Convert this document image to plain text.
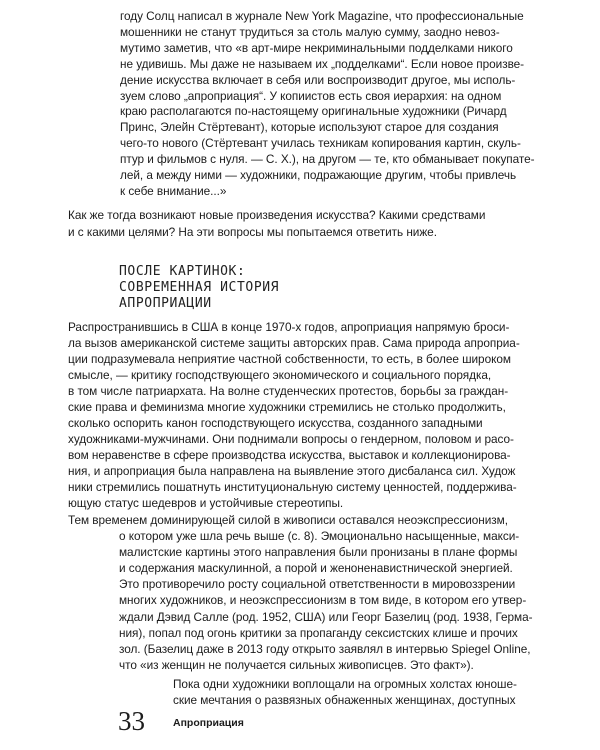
году Солц написал в журнале New York Magazine, что профессиональные
мошенники не станут трудиться за столь малую сумму, заодно невоз-
мутимо заметив, что «в арт-мире некриминальными подделками никого
не удивишь. Мы даже не называем их „подделками“. Если новое произве-
дение искусства включает в себя или воспроизводит другое, мы исполь-
зуем слово „апроприация“. У копиистов есть своя иерархия: на одном
краю располагаются по-настоящему оригинальные художники (Ричард
Принс, Элейн Стёртевант), которые используют старое для создания
чего-то нового (Стёртевант училась техникам копирования картин, скуль-
птур и фильмов с нуля. — С. Х.), на другом — те, кто обманывает покупате-
лей, а между ними — художники, подражающие другим, чтобы привлечь
к себе внимание...»
Как же тогда возникают новые произведения искусства? Какими средствами
и с какими целями? На эти вопросы мы попытаемся ответить ниже.
ПОСЛЕ КАРТИНОК:
СОВРЕМЕННАЯ ИСТОРИЯ
АПРОПРИАЦИИ
Распространившись в США в конце 1970-х годов, апроприация напрямую броси-
ла вызов американской системе защиты авторских прав. Сама природа апроприа-
ции подразумевала неприятие частной собственности, то есть, в более широком
смысле, — критику господствующего экономического и социального порядка,
в том числе патриархата. На волне студенческих протестов, борьбы за граждан-
ские права и феминизма многие художники стремились не столько продолжить,
сколько оспорить канон господствующего искусства, созданного западными
художниками-мужчинами. Они поднимали вопросы о гендерном, половом и расо-
вом неравенстве в сфере производства искусства, выставок и коллекционирова-
ния, и апроприация была направлена на выявление этого дисбаланса сил. Худож
ники стремились пошатнуть институциональную систему ценностей, поддержива-
ющую статус шедевров и устойчивые стереотипы.
Тем временем доминирующей силой в живописи оставался неоэкспрессионизм,
о котором уже шла речь выше (с. 8). Эмоционально насыщенные, макси-
малистские картины этого направления были пронизаны в плане формы
и содержания маскулинной, а порой и женоненавистнической энергией.
Это противоречило росту социальной ответственности в мировоззрении
многих художников, и неоэкспрессионизм в том виде, в котором его утвер-
ждали Дэвид Салле (род. 1952, США) или Георг Базелиц (род. 1938, Герма-
ния), попал под огонь критики за пропаганду сексистских клише и прочих
зол. (Базелиц даже в 2013 году открыто заявлял в интервью Spiegel Online,
что «из женщин не получается сильных живописцев. Это факт»).
Пока одни художники воплощали на огромных холстах юноше-
ские мечтания о развязных обнаженных женщинах, доступных
33	Апроприация
